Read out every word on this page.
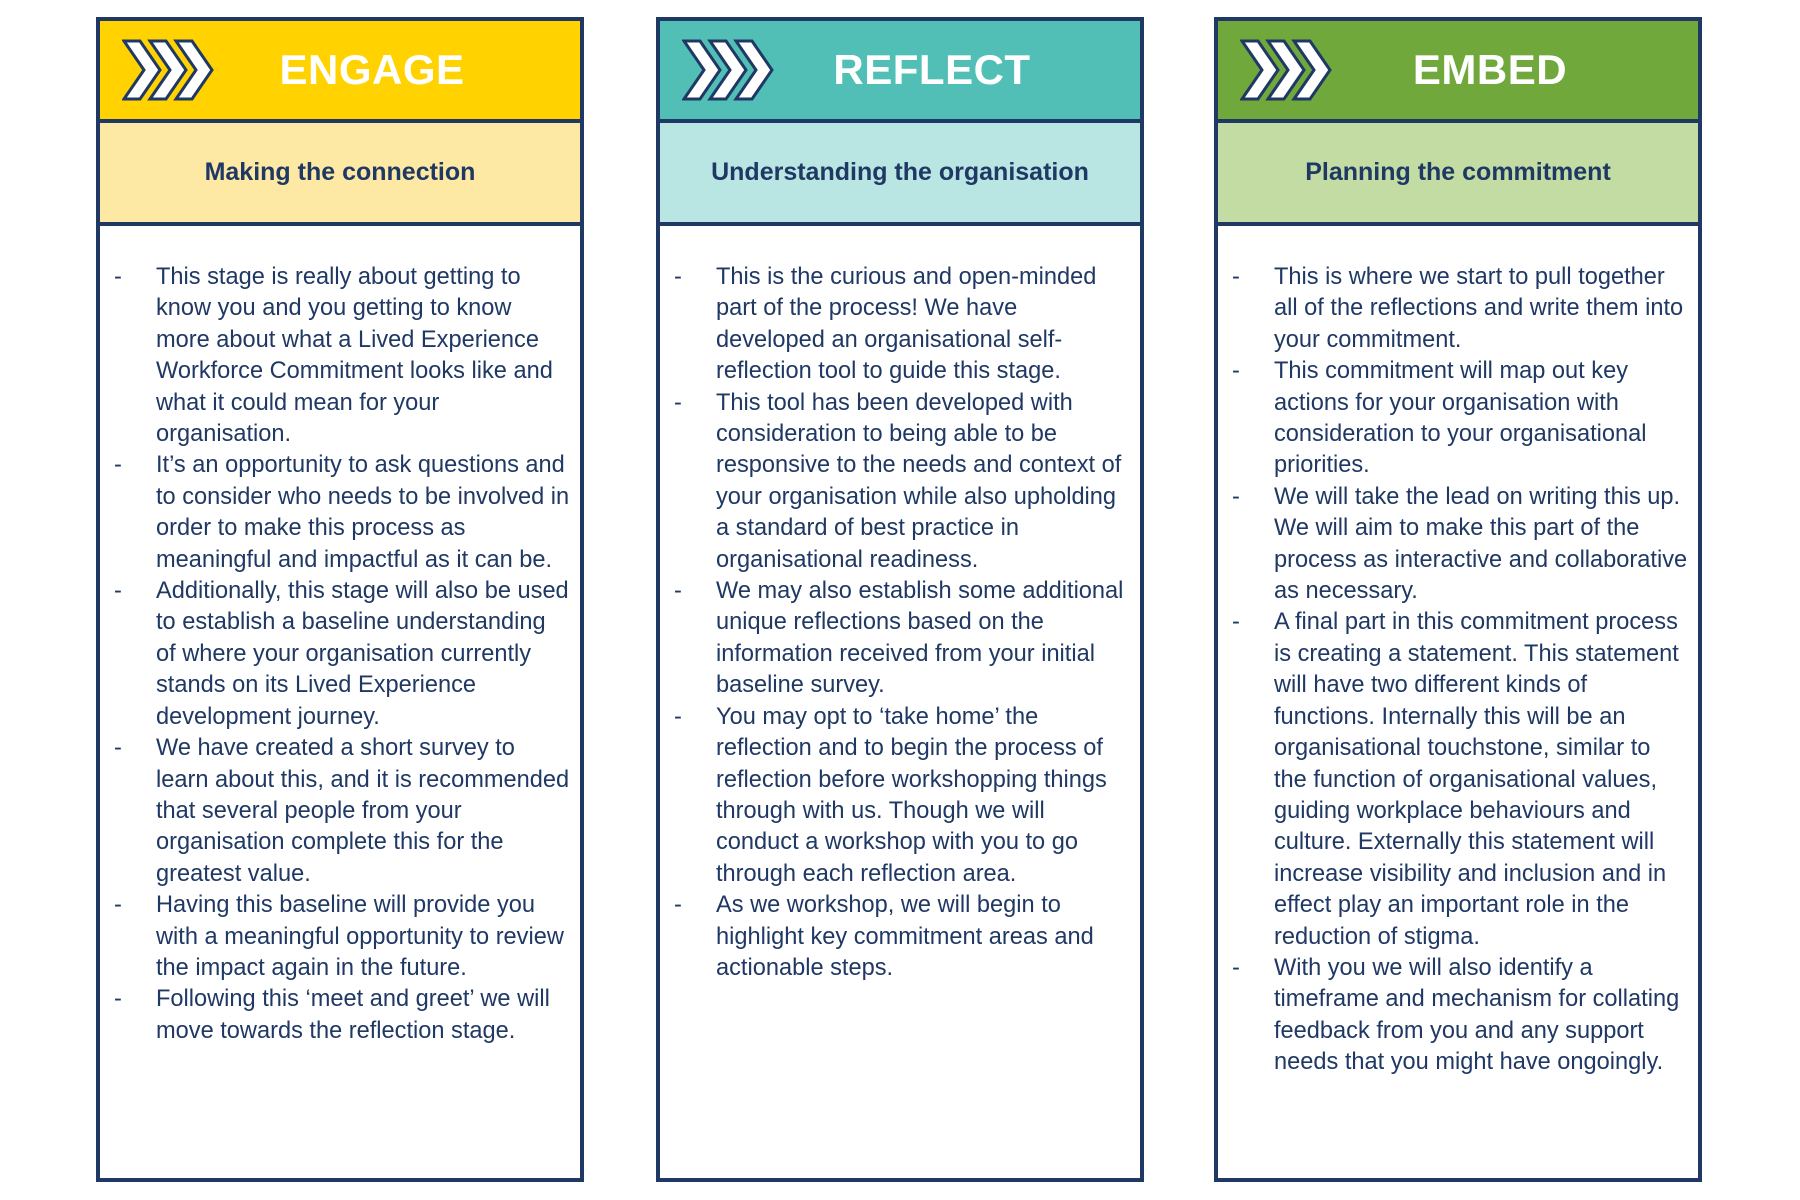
ENGAGE
Making the connection
-	This stage is really about getting to know you and you getting to know more about what a Lived Experience Workforce Commitment looks like and what it could mean for your organisation.
-	It’s an opportunity to ask questions and to consider who needs to be involved in order to make this process as meaningful and impactful as it can be.
-	Additionally, this stage will also be used to establish a baseline understanding of where your organisation currently stands on its Lived Experience development journey.
-	We have created a short survey to learn about this, and it is recommended that several people from your organisation complete this for the greatest value.
-	Having this baseline will provide you with a meaningful opportunity to review the impact again in the future.
-	Following this ‘meet and greet’ we will move towards the reflection stage.
REFLECT
Understanding the organisation
-	This is the curious and open-minded part of the process! We have developed an organisational self-reflection tool to guide this stage.
-	This tool has been developed with consideration to being able to be responsive to the needs and context of your organisation while also upholding a standard of best practice in organisational readiness.
-	We may also establish some additional unique reflections based on the information received from your initial baseline survey.
-	You may opt to ‘take home’ the reflection and to begin the process of reflection before workshopping things through with us. Though we will conduct a workshop with you to go through each reflection area.
-	As we workshop, we will begin to highlight key commitment areas and actionable steps.
EMBED
Planning the commitment
-	This is where we start to pull together all of the reflections and write them into your commitment.
-	This commitment will map out key actions for your organisation with consideration to your organisational priorities.
-	We will take the lead on writing this up. We will aim to make this part of the process as interactive and collaborative as necessary.
-	A final part in this commitment process is creating a statement. This statement will have two different kinds of functions. Internally this will be an organisational touchstone, similar to the function of organisational values, guiding workplace behaviours and culture. Externally this statement will increase visibility and inclusion and in effect play an important role in the reduction of stigma.
-	With you we will also identify a timeframe and mechanism for collating feedback from you and any support needs that you might have ongoingly.
